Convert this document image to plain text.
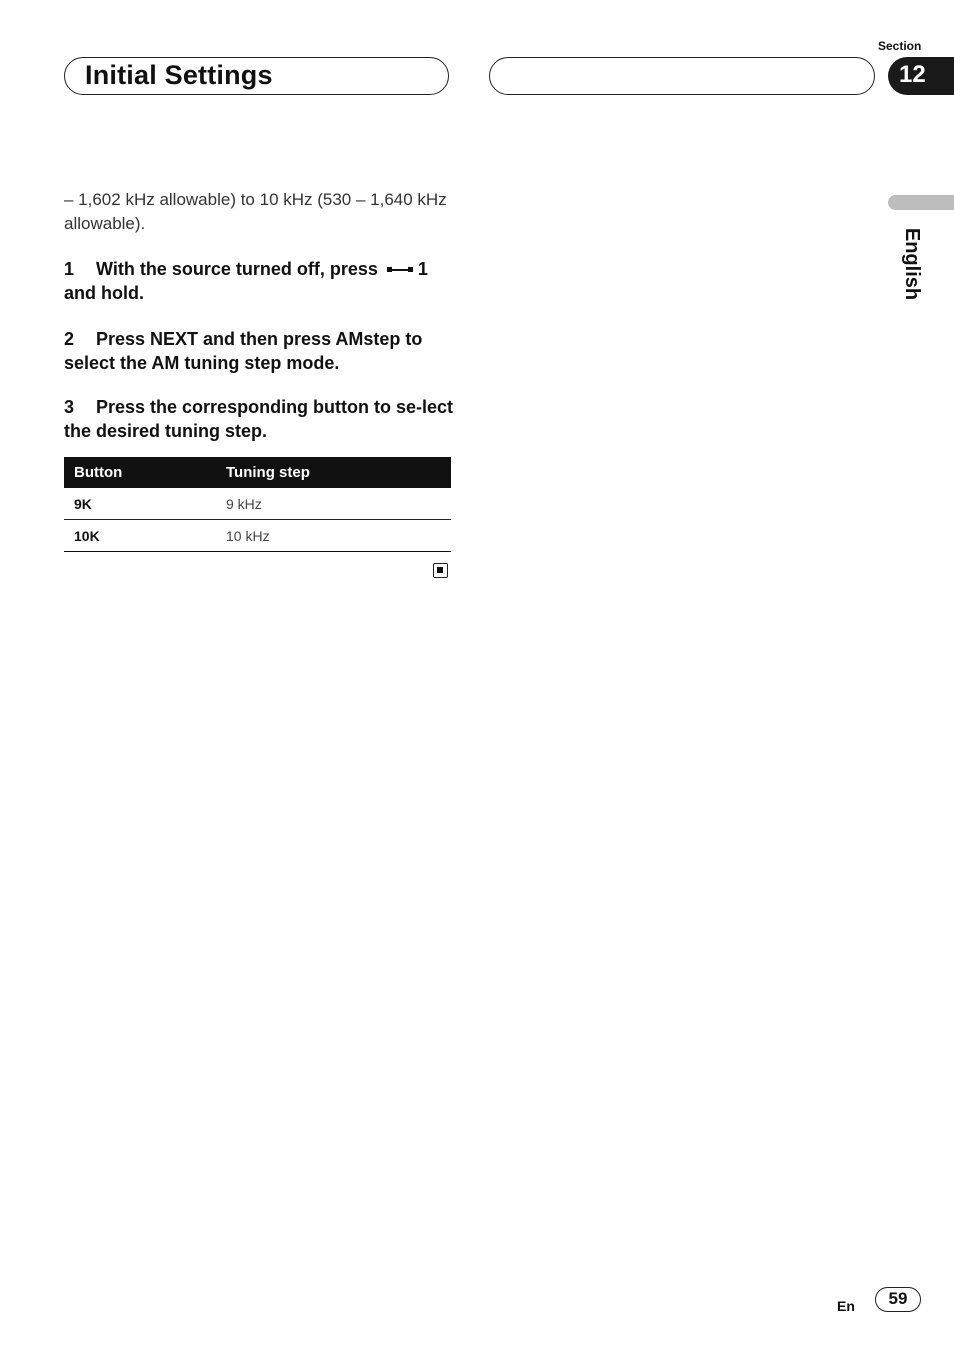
Initial Settings
Section
12
English
– 1,602 kHz allowable) to 10 kHz (530 – 1,640 kHz allowable).
1 With the source turned off, press 1
and hold.
2 Press NEXT and then press AMstep to select the AM tuning step mode.
3 Press the corresponding button to se-lect the desired tuning step.
Button	Tuning step
9K	9 kHz
10K	10 kHz
En	59
